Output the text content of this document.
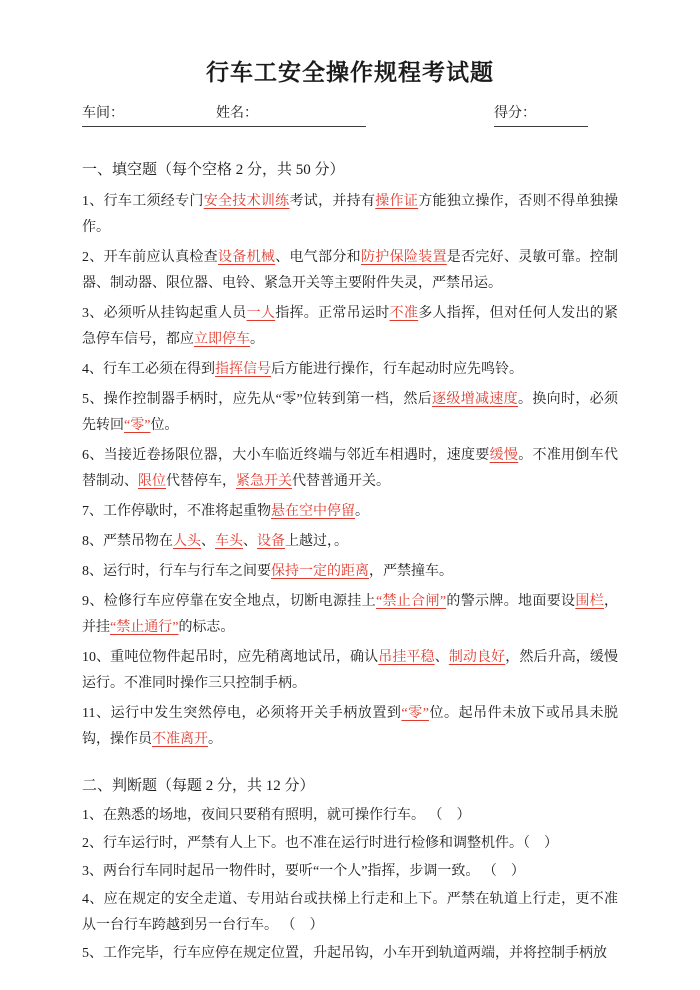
行车工安全操作规程考试题
车间：	姓名：	得分：

一、填空题（每个空格 2 分，共 50 分）

1、行车工须经专门安全技术训练考试，并持有操作证方能独立操作，否则不得单独操作。

2、开车前应认真检查设备机械、电气部分和防护保险装置是否完好、灵敏可靠。控制器、制动器、限位器、电铃、紧急开关等主要附件失灵，严禁吊运。

3、必须听从挂钩起重人员一人指挥。正常吊运时不准多人指挥，但对任何人发出的紧急停车信号，都应立即停车。

4、行车工必须在得到指挥信号后方能进行操作，行车起动时应先鸣铃。

5、操作控制器手柄时，应先从“零”位转到第一档，然后逐级增减速度。换向时，必须先转回“零”位。

6、当接近卷扬限位器，大小车临近终端与邻近车相遇时，速度要缓慢。不准用倒车代替制动、限位代替停车，紧急开关代替普通开关。

7、工作停歇时，不准将起重物悬在空中停留。

8、严禁吊物在人头、车头、设备上越过，。

8、运行时，行车与行车之间要保持一定的距离，严禁撞车。

9、检修行车应停靠在安全地点，切断电源挂上“禁止合闸”的警示牌。地面要设围栏，并挂“禁止通行”的标志。

10、重吨位物件起吊时，应先稍离地试吊，确认吊挂平稳、制动良好，然后升高，缓慢运行。不准同时操作三只控制手柄。

11、运行中发生突然停电，必须将开关手柄放置到“零”位。起吊件未放下或吊具未脱钩，操作员不准离开。

二、判断题（每题 2 分，共 12 分）

1、在熟悉的场地，夜间只要稍有照明，就可操作行车。 （　）

2、行车运行时，严禁有人上下。也不准在运行时进行检修和调整机件。（　）

3、两台行车同时起吊一物件时，要听“一个人”指挥，步调一致。 （　）

4、应在规定的安全走道、专用站台或扶梯上行走和上下。严禁在轨道上行走，更不准从一台行车跨越到另一台行车。 （　）

5、工作完毕，行车应停在规定位置，升起吊钩，小车开到轨道两端，并将控制手柄放
